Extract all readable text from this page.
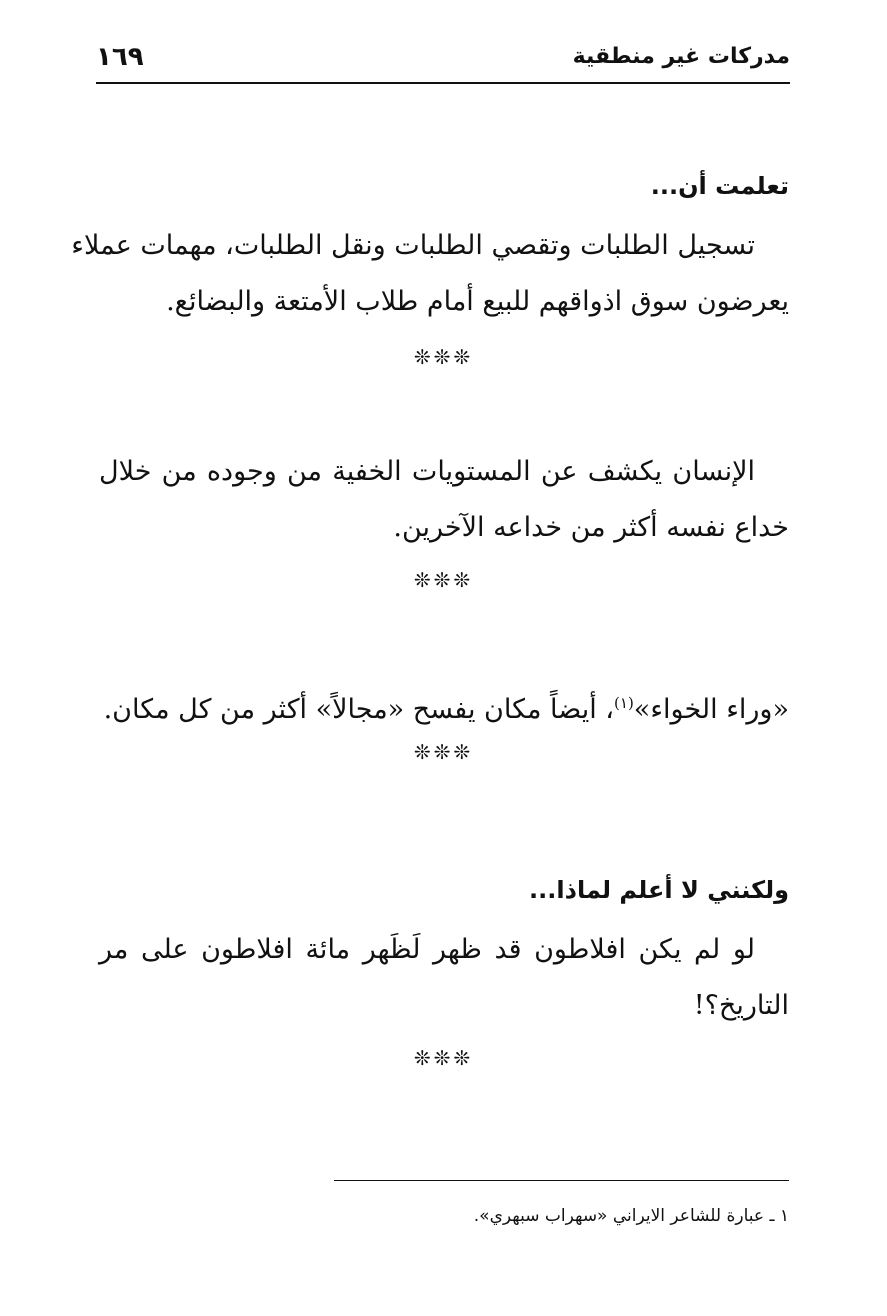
مدركات غير منطقية
١٦٩
تعلمت أن...
تسجيل الطلبات وتقصي الطلبات ونقل الطلبات، مهمات عملاء
يعرضون سوق اذواقهم للبيع أمام طلاب الأمتعة والبضائع.
❊❊❊
الإنسان يكشف عن المستويات الخفية من وجوده من خلال
خداع نفسه أكثر من خداعه الآخرين.
❊❊❊
«وراء الخواء»$^{(١)}$، أيضاً مكان يفسح «مجالاً» أكثر من كل مكان.
❊❊❊
ولكنني لا أعلم لماذا...
لو لم يكن افلاطون قد ظهر لَظَهر مائة افلاطون على مر
التاريخ؟!
❊❊❊
١ ـ عبارة للشاعر الايراني «سهراب سبهري».
